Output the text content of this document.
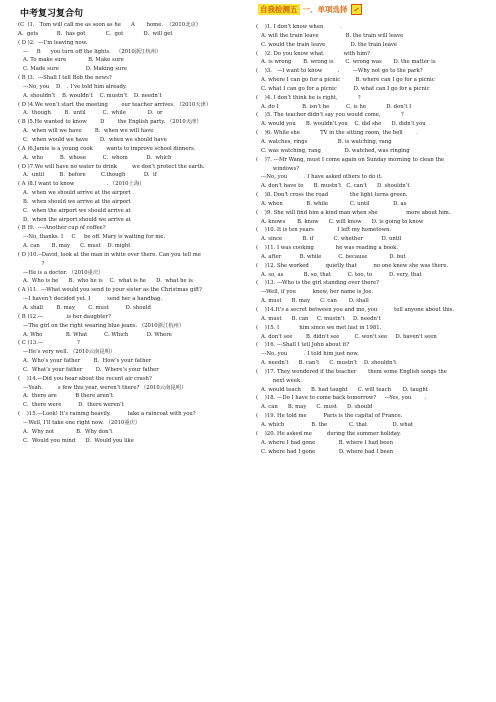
中考复习复合句	自我检测五 一、单项选择
(C  )1.   Tom will call me as soon as he      A       home.  （2010北京）
A.  gets           B.  has got            C.  got            D.  will get
( D )2.  —I’m leaving now.
—     B      you turn off the lights.   （2010浙江杭州）
A. To make sure             B. Make sure
C. Made sure                D. Making sure
( B )3.  ---Shall I tell Bob the news?
---No, you    D    . I’ve told him already.
A. shouldn’t    B. wouldn’t    C. mustn’t    D. needn’t
( D )4.We won’t start the meeting        our teacher arrives. （2010天津）
A.  though        B.  until          C.  while             D.  or
( B )5.He wanted to know        D        the English party. （2010天津）
A.  when will we have        B.  when we will have
C.  when would we have       D.  when we should have
( A )6.Jamie is a young cook        wants to improve school dinners.
A.  who          B.  whose          C.  whom           D.  which
( D )7.We will have no water to drink         we don’t protect the earth.
A.  until         B.  before         C.though           D.  if
( A )8.I want to know                   . （2010上海）
A.  when we should arrive at the airport
B.  when should we arrive at the airport
C.  when the airport we should arrive at
D.  when the airport should we arrive at
( B )9.  ----Another cup of coffee?
---No, thanks. I     C     be off. Mary is waiting for me.
A. can       B. may      C. must    D. might
( D )10.--David, look at the man in white over there. Can you tell me
?
—He is a doctor. （2010重庆）
A.  Who is he      B.  who he is    C.  what is he      D.  what he is
( A )11.  ---What would you send to your sister as the Christmas gift?
---I haven’t decided yet. I          send her a handbag.
A. shall        B. may        C. must          D. should
( B )12.—              is her daughter?
—The girl on the right wearing blue jeans. （2010浙江杭州）
A. Who              B. What          C. Which           D. Where
( C )13.—                    ?
—He’s very well. （2010云南昆明）
A.  Who’s your father        B.  How’s your father
C.  What’s your father        D.  Where’s your father
(    )14.—Did you hear about the recent air crash?
—Yeah.         s few this year, weren’t there? （2010云南昆明）
A.  there are           B there aren’t
C.  there were          D.  there weren’t
(    )15.—Look! It’s raining heavily.          take a raincoat with you?
—Well, I’ll take one right now. （2010重庆）
A.  Why not             B.  Why don’t
C.  Would you mind      D.  Would you like
(    )1. I don’t know when          .
A. will the train leave                B. the train will leave
C. would the train leave               D. the train leave
(    )2. Do you know what            with him?
A. is wrong       B. wrong is       C. wrong was       D. the matter is
(    )3.   —I want to know         .        —Why not go to the park?
A. where I can go for a picnic         B. where can I go for a picnic
C. what I can go for a picnic          D. what can I go for a picnic
(    )4. I don’t think he is right,            ?
A. do I              B. isn’t he          C. is he            D. don’t I
(    )5. The teacher didn’t say you would come,            ?
A. would you      B. wouldn’t you    C. did she      D. didn’t you
(    )6. While she            TV in the sitting room, the bell        .
A. watches, rings                  B. is watching, rang
C. was watching, rang              D. watched, was ringing
(    )7. ---Mr Wang, must I come again on Sunday morning to clean the
windows?
---No, you          . I have asked others to do it.
A. don’t have to      B. mustn’t   C. can’t      D. shouldn’t
(    )8. Don't cross the road             the light turns green.
A. when              B. while             C. until              D. as
(    )9. She will find him a kind man when she                 more about him.
A. knows       B. know      C. will know      D. is going to know
(    )10. It is ten years              I left my hometown.
A. since            B. if            C. whether           D. until
(    )11. I was cooking             he was reading a book.
A. after           B. while          C. because             D. but
(    )12. She worked          quietly that          no one knew she was there.
A. so, as            B. so, that          C. too, to          D. very, that
(    )13. ---Who is the girl standing over there?
---Well, if you          knew, her name is Joe.
A. must      B. may      C. can       D. shall
(    )14.It’s a secret between you and me, you          tell anyone about this.
A. must      B. can     C. mustn’t     D. needn’t
(    )15. I            him since we met last in 1981.
A. don't see        B. didn't see         C. won't see     D. haven't seen
(    )16. ---Shall I tell John about it?
---No, you          . I told him just now.
A. needn’t      B. can’t      C. mustn’t    D. shouldn’t
(    )17. They wondered if the teacher       them some English songs the
next week.
A. would teach      B. had taught      C. will teach       D. taught
(    )18. ---Do I have to come back tomorrow?     ---Yes, you        .
A. can      B. may      C. must      D. should
(    )19. He told me          Paris is the capital of France.
A. which                B. the             C. that               D. what
(    )20. He asked me         during the summer holiday.
A. where I had gone              B. where I had been
C. where had I gone              D. where had I been
